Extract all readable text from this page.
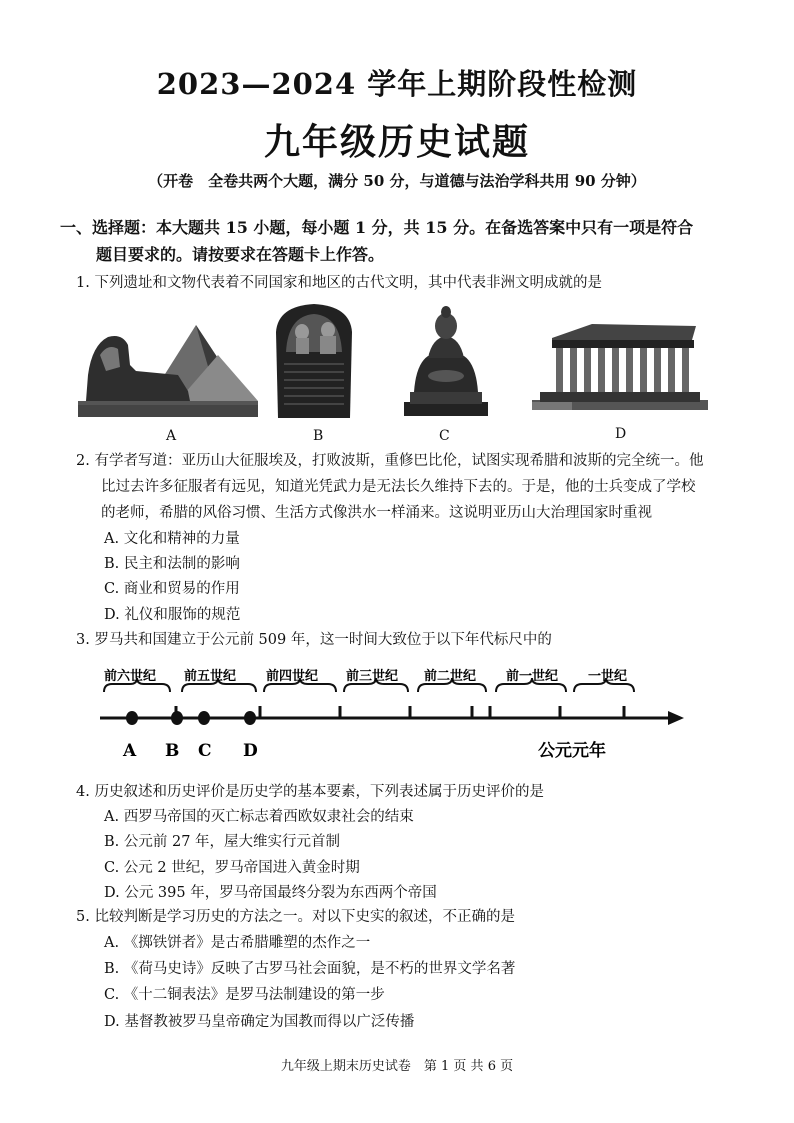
2023—2024 学年上期阶段性检测
九年级历史试题
（开卷　全卷共两个大题，满分 50 分，与道德与法治学科共用 90 分钟）
一、选择题：本大题共 15 小题，每小题 1 分，共 15 分。在备选答案中只有一项是符合
题目要求的。请按要求在答题卡上作答。
1. 下列遗址和文物代表着不同国家和地区的古代文明，其中代表非洲文明成就的是
A	B	C	D
2. 有学者写道：亚历山大征服埃及，打败波斯，重修巴比伦，试图实现希腊和波斯的完全统一。他
比过去许多征服者有远见，知道光凭武力是无法长久维持下去的。于是，他的士兵变成了学校
的老师，希腊的风俗习惯、生活方式像洪水一样涌来。这说明亚历山大治理国家时重视
A. 文化和精神的力量
B. 民主和法制的影响
C. 商业和贸易的作用
D. 礼仪和服饰的规范
3. 罗马共和国建立于公元前 509 年，这一时间大致位于以下年代标尺中的
前六世纪 前五世纪 前四世纪 前三世纪 前二世纪 前一世纪 一世纪
A B C D	公元元年
4. 历史叙述和历史评价是历史学的基本要素，下列表述属于历史评价的是
A. 西罗马帝国的灭亡标志着西欧奴隶社会的结束
B. 公元前 27 年，屋大维实行元首制
C. 公元 2 世纪，罗马帝国进入黄金时期
D. 公元 395 年，罗马帝国最终分裂为东西两个帝国
5. 比较判断是学习历史的方法之一。对以下史实的叙述，不正确的是
A. 《掷铁饼者》是古希腊雕塑的杰作之一
B. 《荷马史诗》反映了古罗马社会面貌，是不朽的世界文学名著
C. 《十二铜表法》是罗马法制建设的第一步
D. 基督教被罗马皇帝确定为国教而得以广泛传播
九年级上期末历史试卷　第 1 页 共 6 页
